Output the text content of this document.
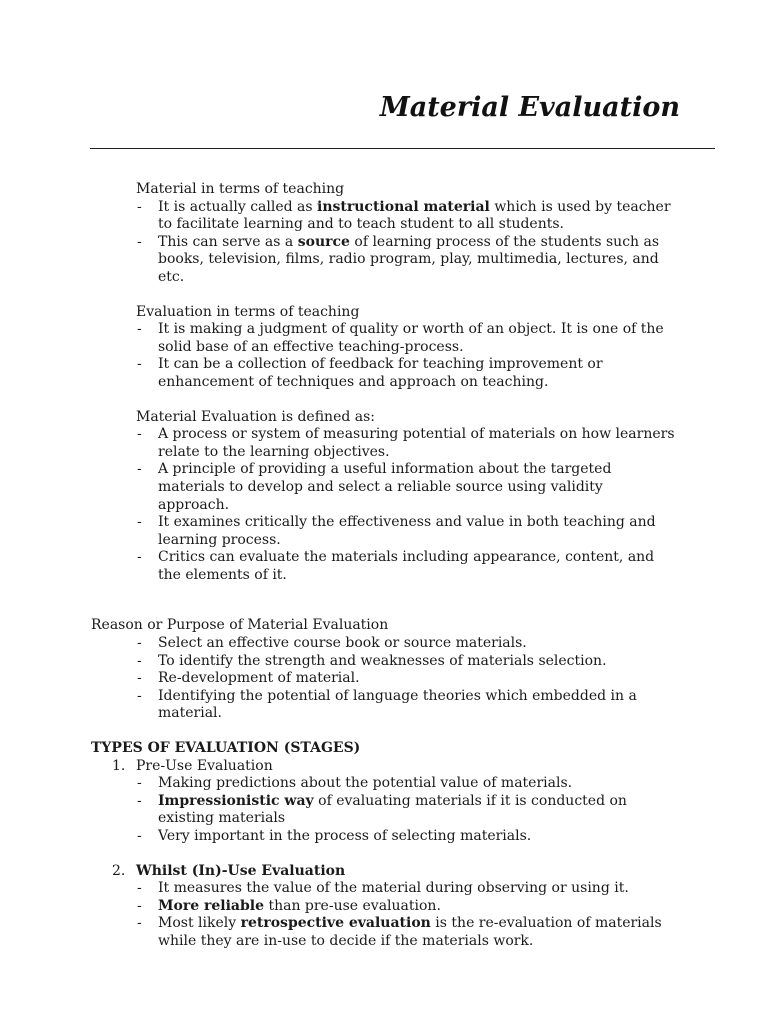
Material Evaluation

Material in terms of teaching

- It is actually called as instructional material which is used by teacher to facilitate learning and to teach student to all students.
- This can serve as a source of learning process of the students such as books, television, films, radio program, play, multimedia, lectures, and etc.

Evaluation in terms of teaching

- It is making a judgment of quality or worth of an object. It is one of the solid base of an effective teaching-process.
- It can be a collection of feedback for teaching improvement or enhancement of techniques and approach on teaching.

Material Evaluation is defined as:

- A process or system of measuring potential of materials on how learners relate to the learning objectives.
- A principle of providing a useful information about the targeted materials to develop and select a reliable source using validity approach.
- It examines critically the effectiveness and value in both teaching and learning process.
- Critics can evaluate the materials including appearance, content, and the elements of it.

Reason or Purpose of Material Evaluation

- Select an effective course book or source materials.
- To identify the strength and weaknesses of materials selection.
- Re-development of material.
- Identifying the potential of language theories which embedded in a material.

TYPES OF EVALUATION (STAGES)

1. Pre-Use Evaluation

- Making predictions about the potential value of materials.
- Impressionistic way of evaluating materials if it is conducted on existing materials
- Very important in the process of selecting materials.

2. Whilst (In)-Use Evaluation

- It measures the value of the material during observing or using it.
- More reliable than pre-use evaluation.
- Most likely retrospective evaluation is the re-evaluation of materials while they are in-use to decide if the materials work.
